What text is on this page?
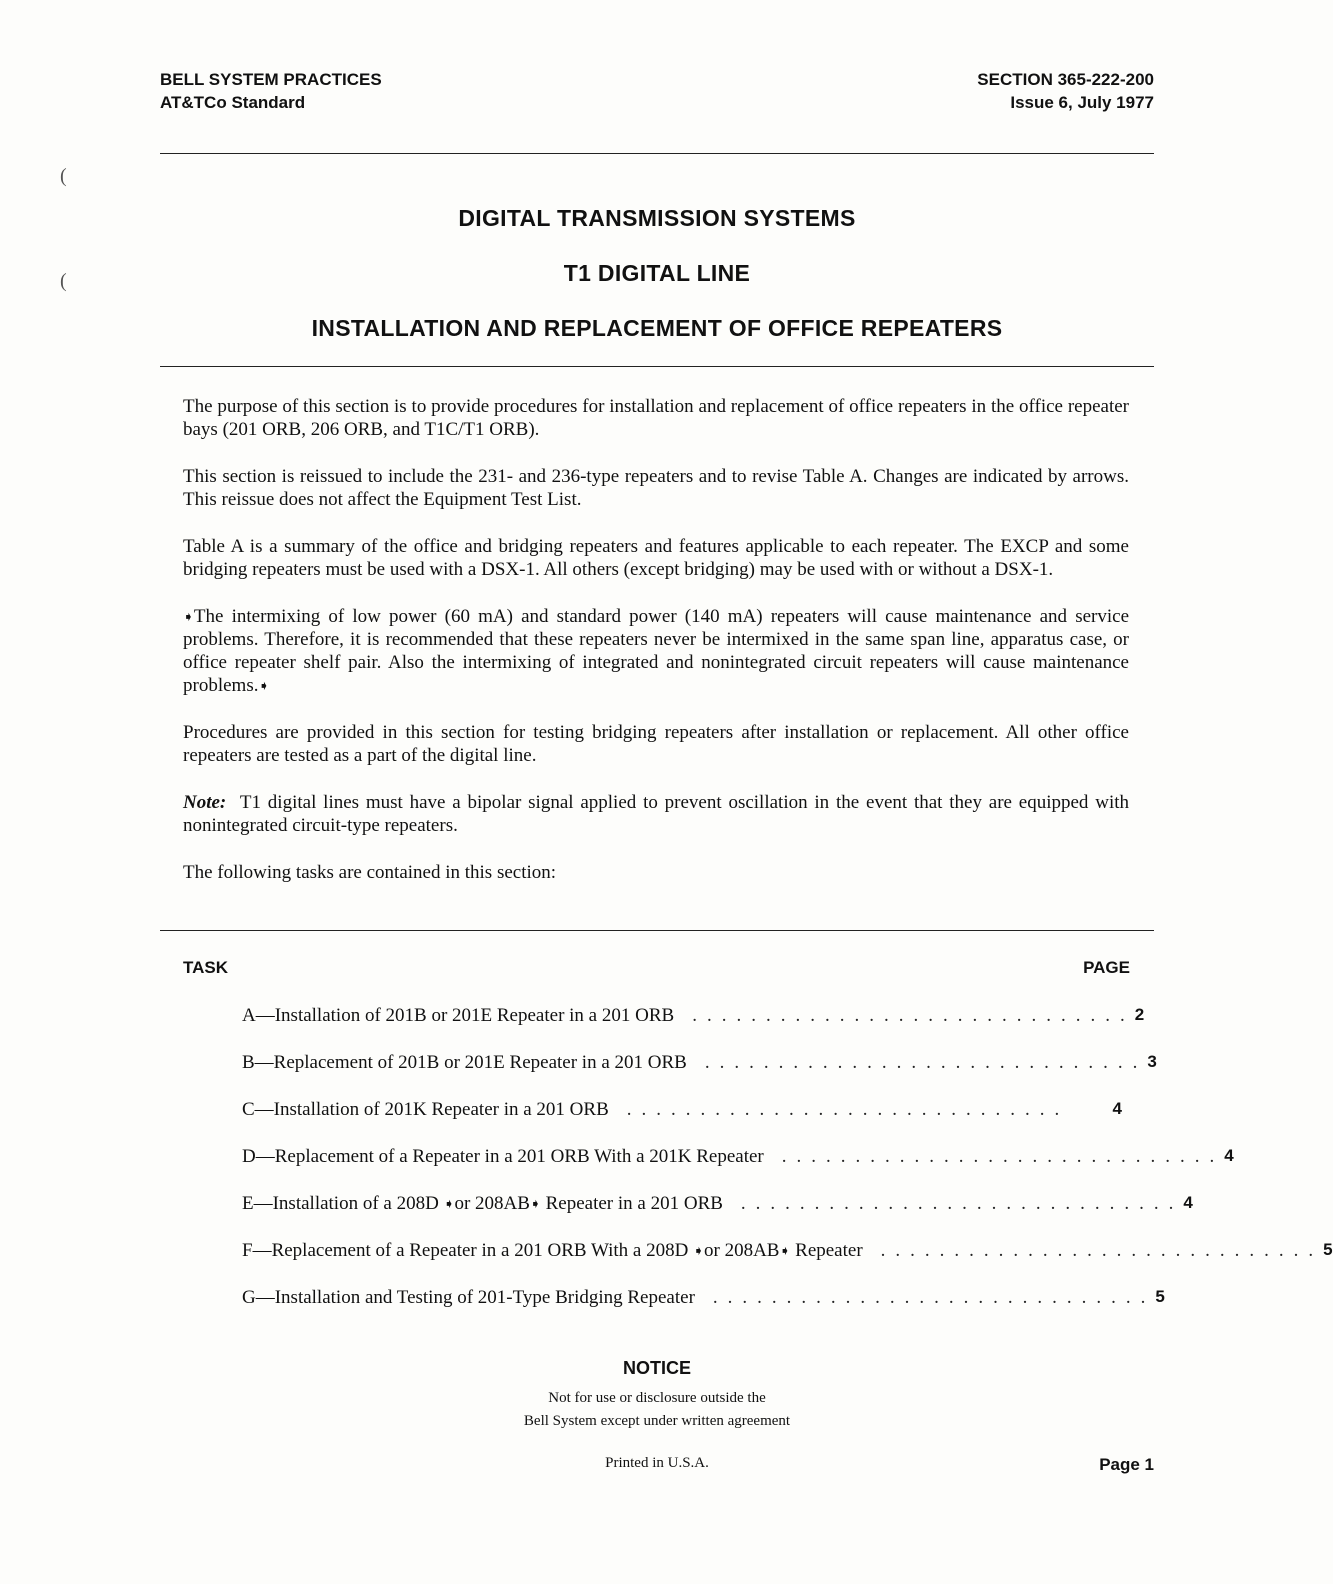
(
(
BELL SYSTEM PRACTICES
AT&TCo Standard
SECTION 365-222-200
Issue 6, July 1977
DIGITAL TRANSMISSION SYSTEMS
T1 DIGITAL LINE
INSTALLATION AND REPLACEMENT OF OFFICE REPEATERS

The purpose of this section is to provide procedures for installation and replacement of office repeaters in the office repeater bays (201 ORB, 206 ORB, and T1C/T1 ORB).

This section is reissued to include the 231- and 236-type repeaters and to revise Table A. Changes are indicated by arrows. This reissue does not affect the Equipment Test List.

Table A is a summary of the office and bridging repeaters and features applicable to each repeater. The EXCP and some bridging repeaters must be used with a DSX-1. All others (except bridging) may be used with or without a DSX-1.

➧The intermixing of low power (60 mA) and standard power (140 mA) repeaters will cause maintenance and service problems. Therefore, it is recommended that these repeaters never be intermixed in the same span line, apparatus case, or office repeater shelf pair. Also the intermixing of integrated and nonintegrated circuit repeaters will cause maintenance problems.➧

Procedures are provided in this section for testing bridging repeaters after installation or replacement. All other office repeaters are tested as a part of the digital line.

Note: T1 digital lines must have a bipolar signal applied to prevent oscillation in the event that they are equipped with nonintegrated circuit-type repeaters.

The following tasks are contained in this section:

TASK	PAGE
A—Installation of 201B or 201E Repeater in a 201 ORB .............................. 2
B—Replacement of 201B or 201E Repeater in a 201 ORB .............................. 3
C—Installation of 201K Repeater in a 201 ORB ..............................	4
D—Replacement of a Repeater in a 201 ORB With a 201K Repeater .............................. 4
E—Installation of a 208D ➧or 208AB➧ Repeater in a 201 ORB .............................. 4
F—Replacement of a Repeater in a 201 ORB With a 208D ➧or 208AB➧ Repeater .............................. 5
G—Installation and Testing of 201-Type Bridging Repeater .............................. 5
NOTICE
Not for use or disclosure outside the
Bell System except under written agreement
Printed in U.S.A.	Page 1
